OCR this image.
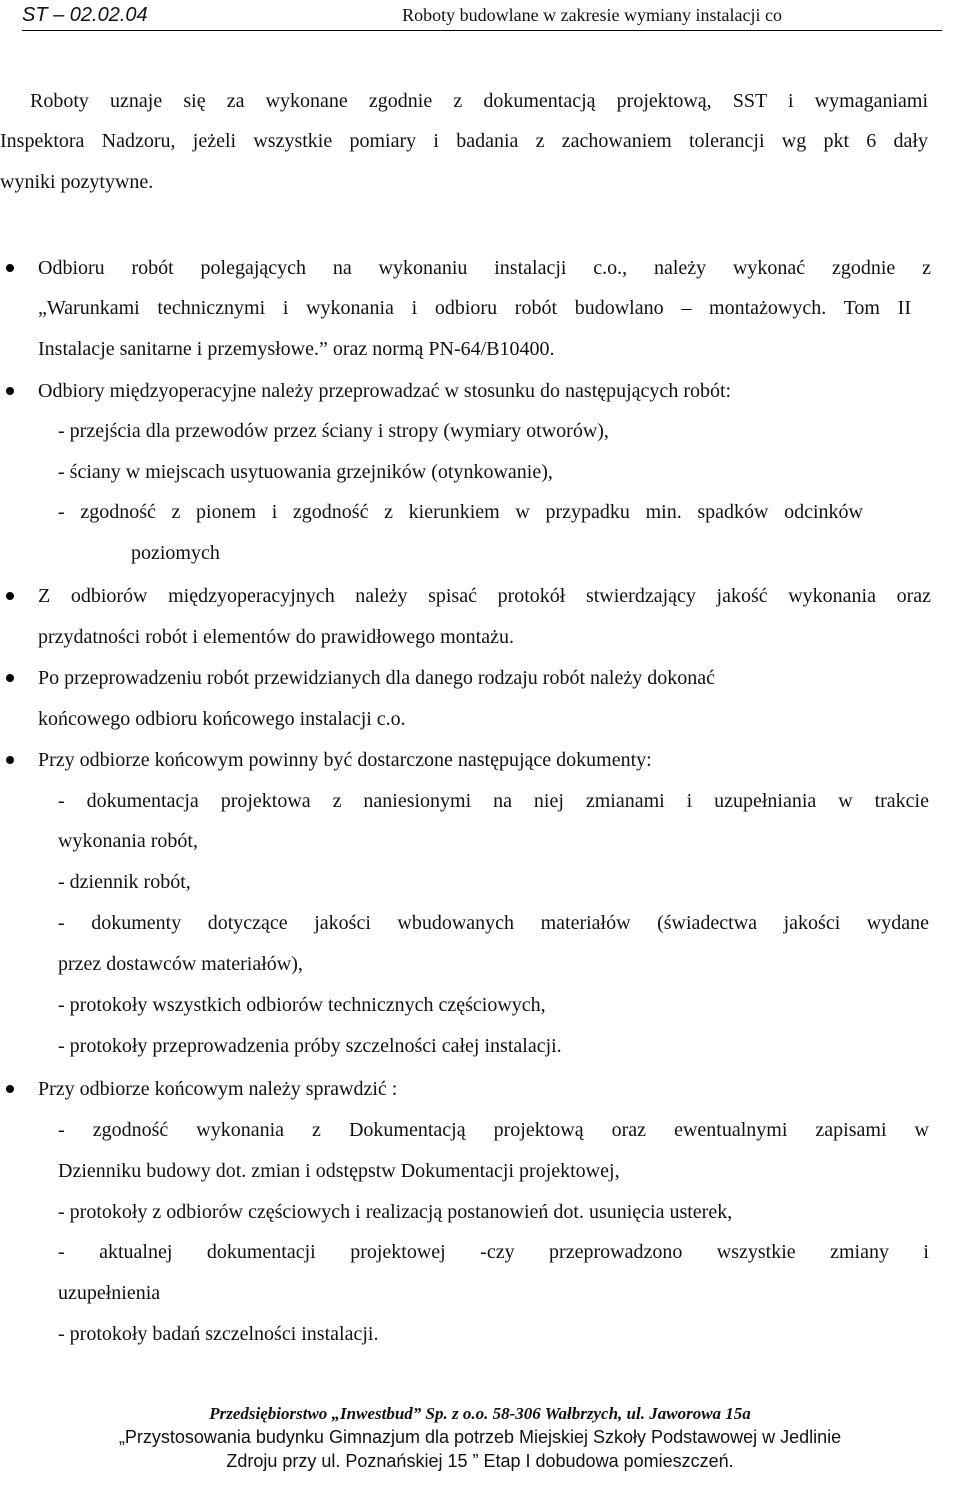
ST – 02.02.04	Roboty budowlane w zakresie wymiany instalacji co
Roboty uznaje się za wykonane zgodnie z dokumentacją projektową, SST i wymaganiami
Inspektora Nadzoru, jeżeli wszystkie pomiary i badania z zachowaniem tolerancji wg pkt 6 dały
wyniki pozytywne.
Odbioru robót polegających na wykonaniu instalacji c.o., należy wykonać zgodnie z
„Warunkami technicznymi i wykonania i odbioru robót budowlano – montażowych. Tom II
Instalacje sanitarne i przemysłowe.” oraz normą PN-64/B10400.
Odbiory międzyoperacyjne należy przeprowadzać w stosunku do następujących robót:
- przejścia dla przewodów przez ściany i stropy (wymiary otworów),
- ściany w miejscach usytuowania grzejników (otynkowanie),
- zgodność z pionem i zgodność z kierunkiem w przypadku min. spadków odcinków
poziomych
Z odbiorów międzyoperacyjnych należy spisać protokół stwierdzający jakość wykonania oraz
przydatności robót i elementów do prawidłowego montażu.
Po przeprowadzeniu robót przewidzianych dla danego rodzaju robót należy dokonać
końcowego odbioru końcowego instalacji c.o.
Przy odbiorze końcowym powinny być dostarczone następujące dokumenty:
- dokumentacja projektowa z naniesionymi na niej zmianami i uzupełniania w trakcie
wykonania robót,
- dziennik robót,
- dokumenty dotyczące jakości wbudowanych materiałów (świadectwa jakości wydane
przez dostawców materiałów),
- protokoły wszystkich odbiorów technicznych częściowych,
- protokoły przeprowadzenia próby szczelności całej instalacji.
Przy odbiorze końcowym należy sprawdzić :
- zgodność wykonania z Dokumentacją projektową oraz ewentualnymi zapisami w
Dzienniku budowy dot. zmian i odstępstw Dokumentacji projektowej,
- protokoły z odbiorów częściowych i realizacją postanowień dot. usunięcia usterek,
- aktualnej dokumentacji projektowej -czy przeprowadzono wszystkie zmiany i
uzupełnienia
- protokoły badań szczelności instalacji.
Przedsiębiorstwo „Inwestbud” Sp. z o.o. 58-306 Wałbrzych, ul. Jaworowa 15a
„Przystosowania budynku Gimnazjum dla potrzeb Miejskiej Szkoły Podstawowej w Jedlinie
Zdroju przy ul. Poznańskiej 15 ” Etap I dobudowa pomieszczeń.
